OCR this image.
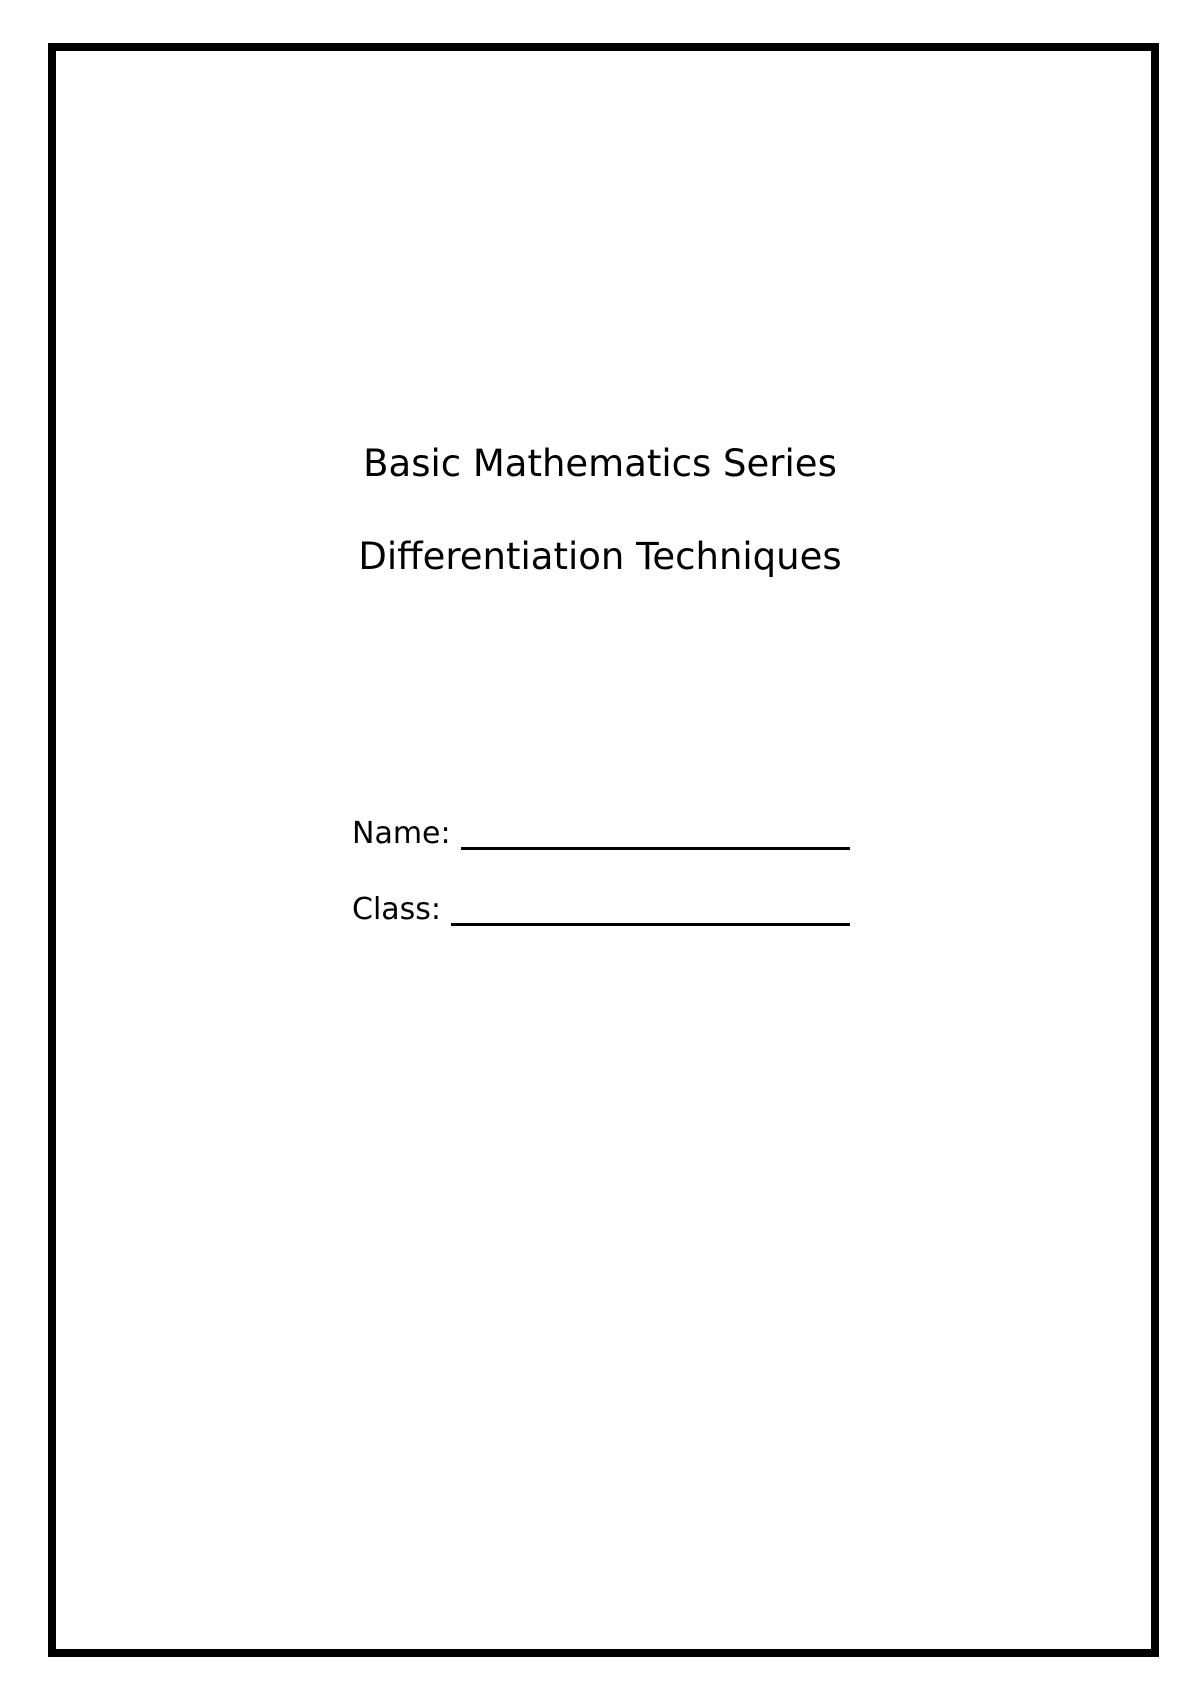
Basic Mathematics Series
Differentiation Techniques
Name:
Class:
